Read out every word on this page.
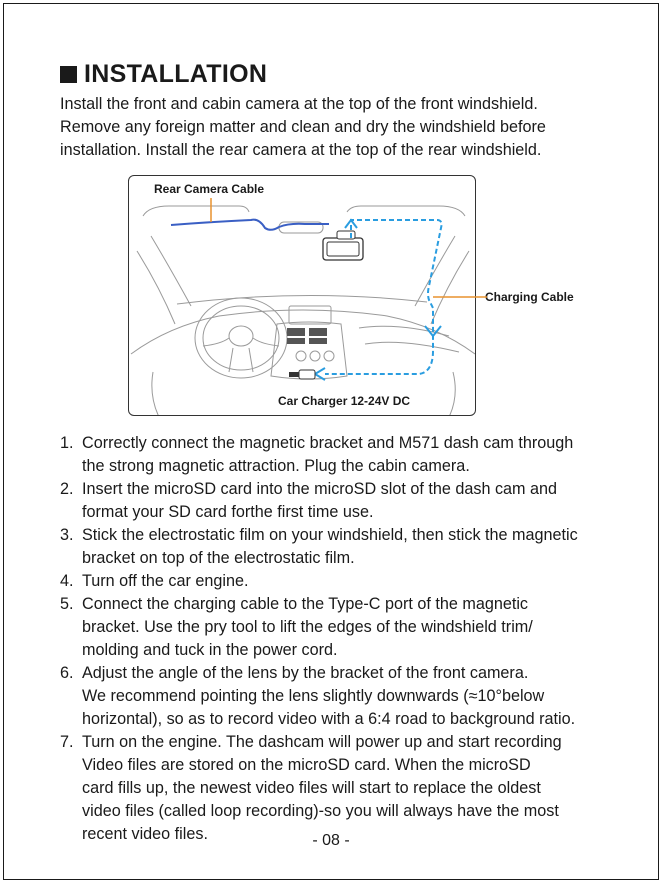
INSTALLATION

Install the front and cabin camera at the top of the front windshield.

Remove any foreign matter and clean and dry the windshield before

installation. Install the rear camera at the top of the rear windshield.

Rear Camera Cable
Charging Cable
Car Charger 12-24V DC
1. Correctly connect the magnetic bracket and M571 dash cam through
the strong magnetic attraction. Plug the cabin camera.
2. Insert the microSD card into the microSD slot of the dash cam and
format your SD card forthe first time use.
3. Stick the electrostatic film on your windshield, then stick the magnetic
bracket on top of the electrostatic film.
4. Turn off the car engine.
5. Connect the charging cable to the Type-C port of the magnetic
bracket. Use the pry tool to lift the edges of the windshield trim/
molding and tuck in the power cord.
6. Adjust the angle of the lens by the bracket of the front camera.
We recommend pointing the lens slightly downwards (≈10°below
horizontal), so as to record video with a 6:4 road to background ratio.
7. Turn on the engine. The dashcam will power up and start recording
Video files are stored on the microSD card. When the microSD
card fills up, the newest video files will start to replace the oldest
video files (called loop recording)-so you will always have the most
recent video files.	- 08 -
